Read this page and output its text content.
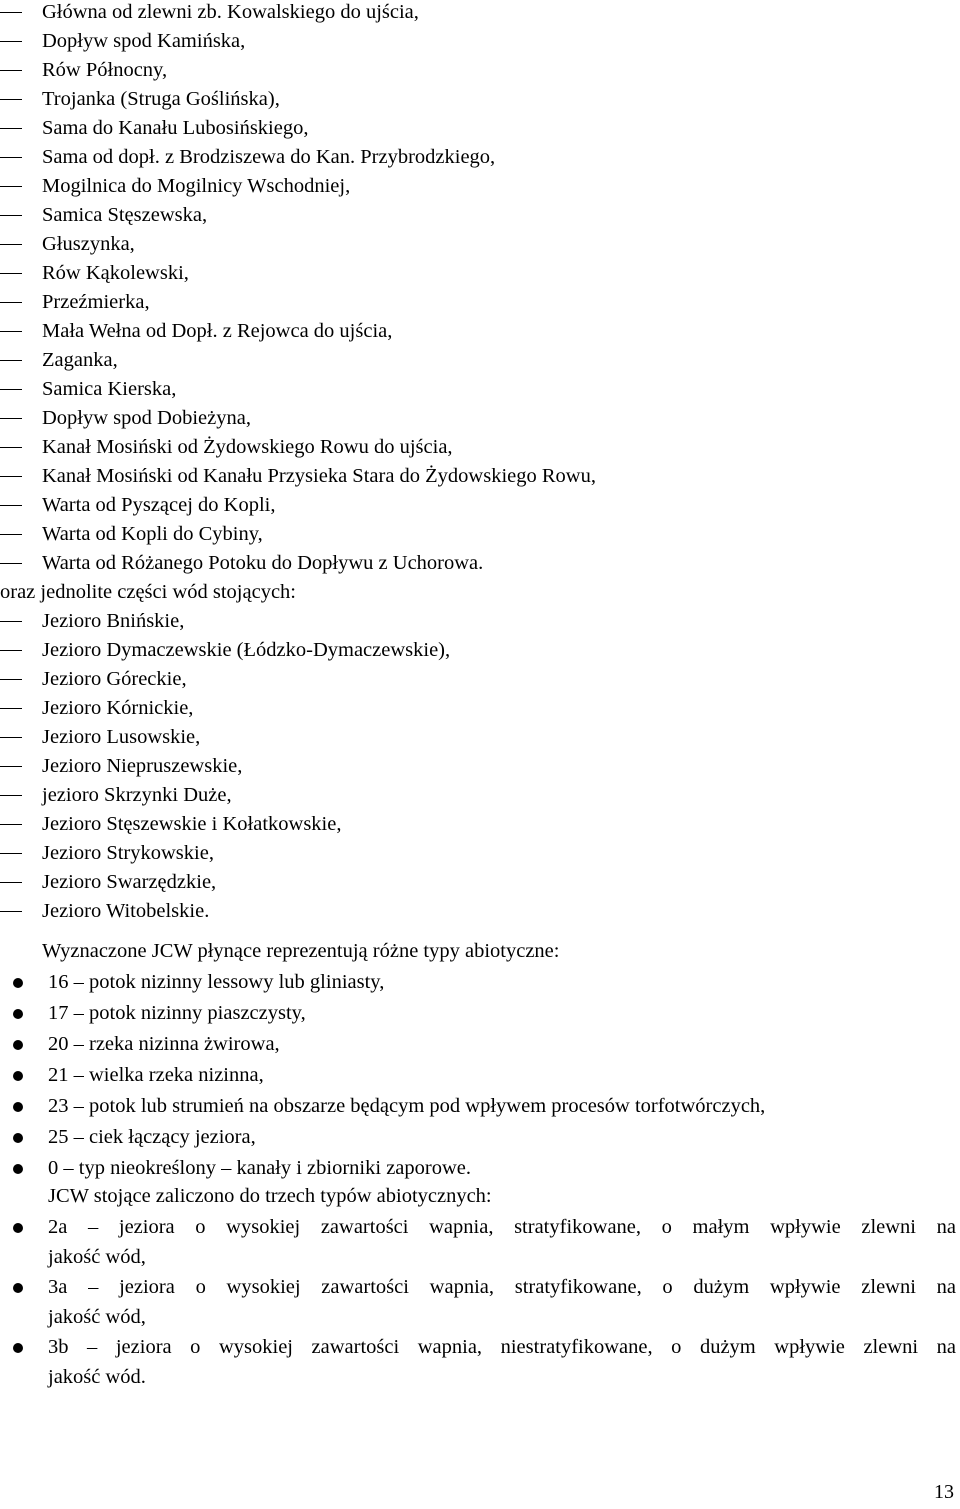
Główna od zlewni zb. Kowalskiego do ujścia,
Dopływ spod Kamińska,
Rów Północny,
Trojanka (Struga Goślińska),
Sama do Kanału Lubosińskiego,
Sama od dopł. z Brodziszewa do Kan. Przybrodzkiego,
Mogilnica do Mogilnicy Wschodniej,
Samica Stęszewska,
Głuszynka,
Rów Kąkolewski,
Przeźmierka,
Mała Wełna od Dopł. z Rejowca do ujścia,
Zaganka,
Samica Kierska,
Dopływ spod Dobieżyna,
Kanał Mosiński od Żydowskiego Rowu do ujścia,
Kanał Mosiński od Kanału Przysieka Stara do Żydowskiego Rowu,
Warta od Pyszącej do Kopli,
Warta od Kopli do Cybiny,
Warta od Różanego Potoku do Dopływu z Uchorowa.
oraz jednolite części wód stojących:
Jezioro Bnińskie,
Jezioro Dymaczewskie (Łódzko-Dymaczewskie),
Jezioro Góreckie,
Jezioro Kórnickie,
Jezioro Lusowskie,
Jezioro Niepruszewskie,
jezioro Skrzynki Duże,
Jezioro Stęszewskie i Kołatkowskie,
Jezioro Strykowskie,
Jezioro Swarzędzkie,
Jezioro Witobelskie.
Wyznaczone JCW płynące reprezentują różne typy abiotyczne:
16 – potok nizinny lessowy lub gliniasty,
17 – potok nizinny piaszczysty,
20 – rzeka nizinna żwirowa,
21 – wielka rzeka nizinna,
23 – potok lub strumień na obszarze będącym pod wpływem procesów torfotwórczych,
25 – ciek łączący jeziora,
0 – typ nieokreślony – kanały i zbiorniki zaporowe.
JCW stojące zaliczono do trzech typów abiotycznych:
2a – jeziora o wysokiej zawartości wapnia, stratyfikowane, o małym wpływie zlewni na
jakość wód,
3a – jeziora o wysokiej zawartości wapnia, stratyfikowane, o dużym wpływie zlewni na
jakość wód,
3b – jeziora o wysokiej zawartości wapnia, niestratyfikowane, o dużym wpływie zlewni na
jakość wód.
13
